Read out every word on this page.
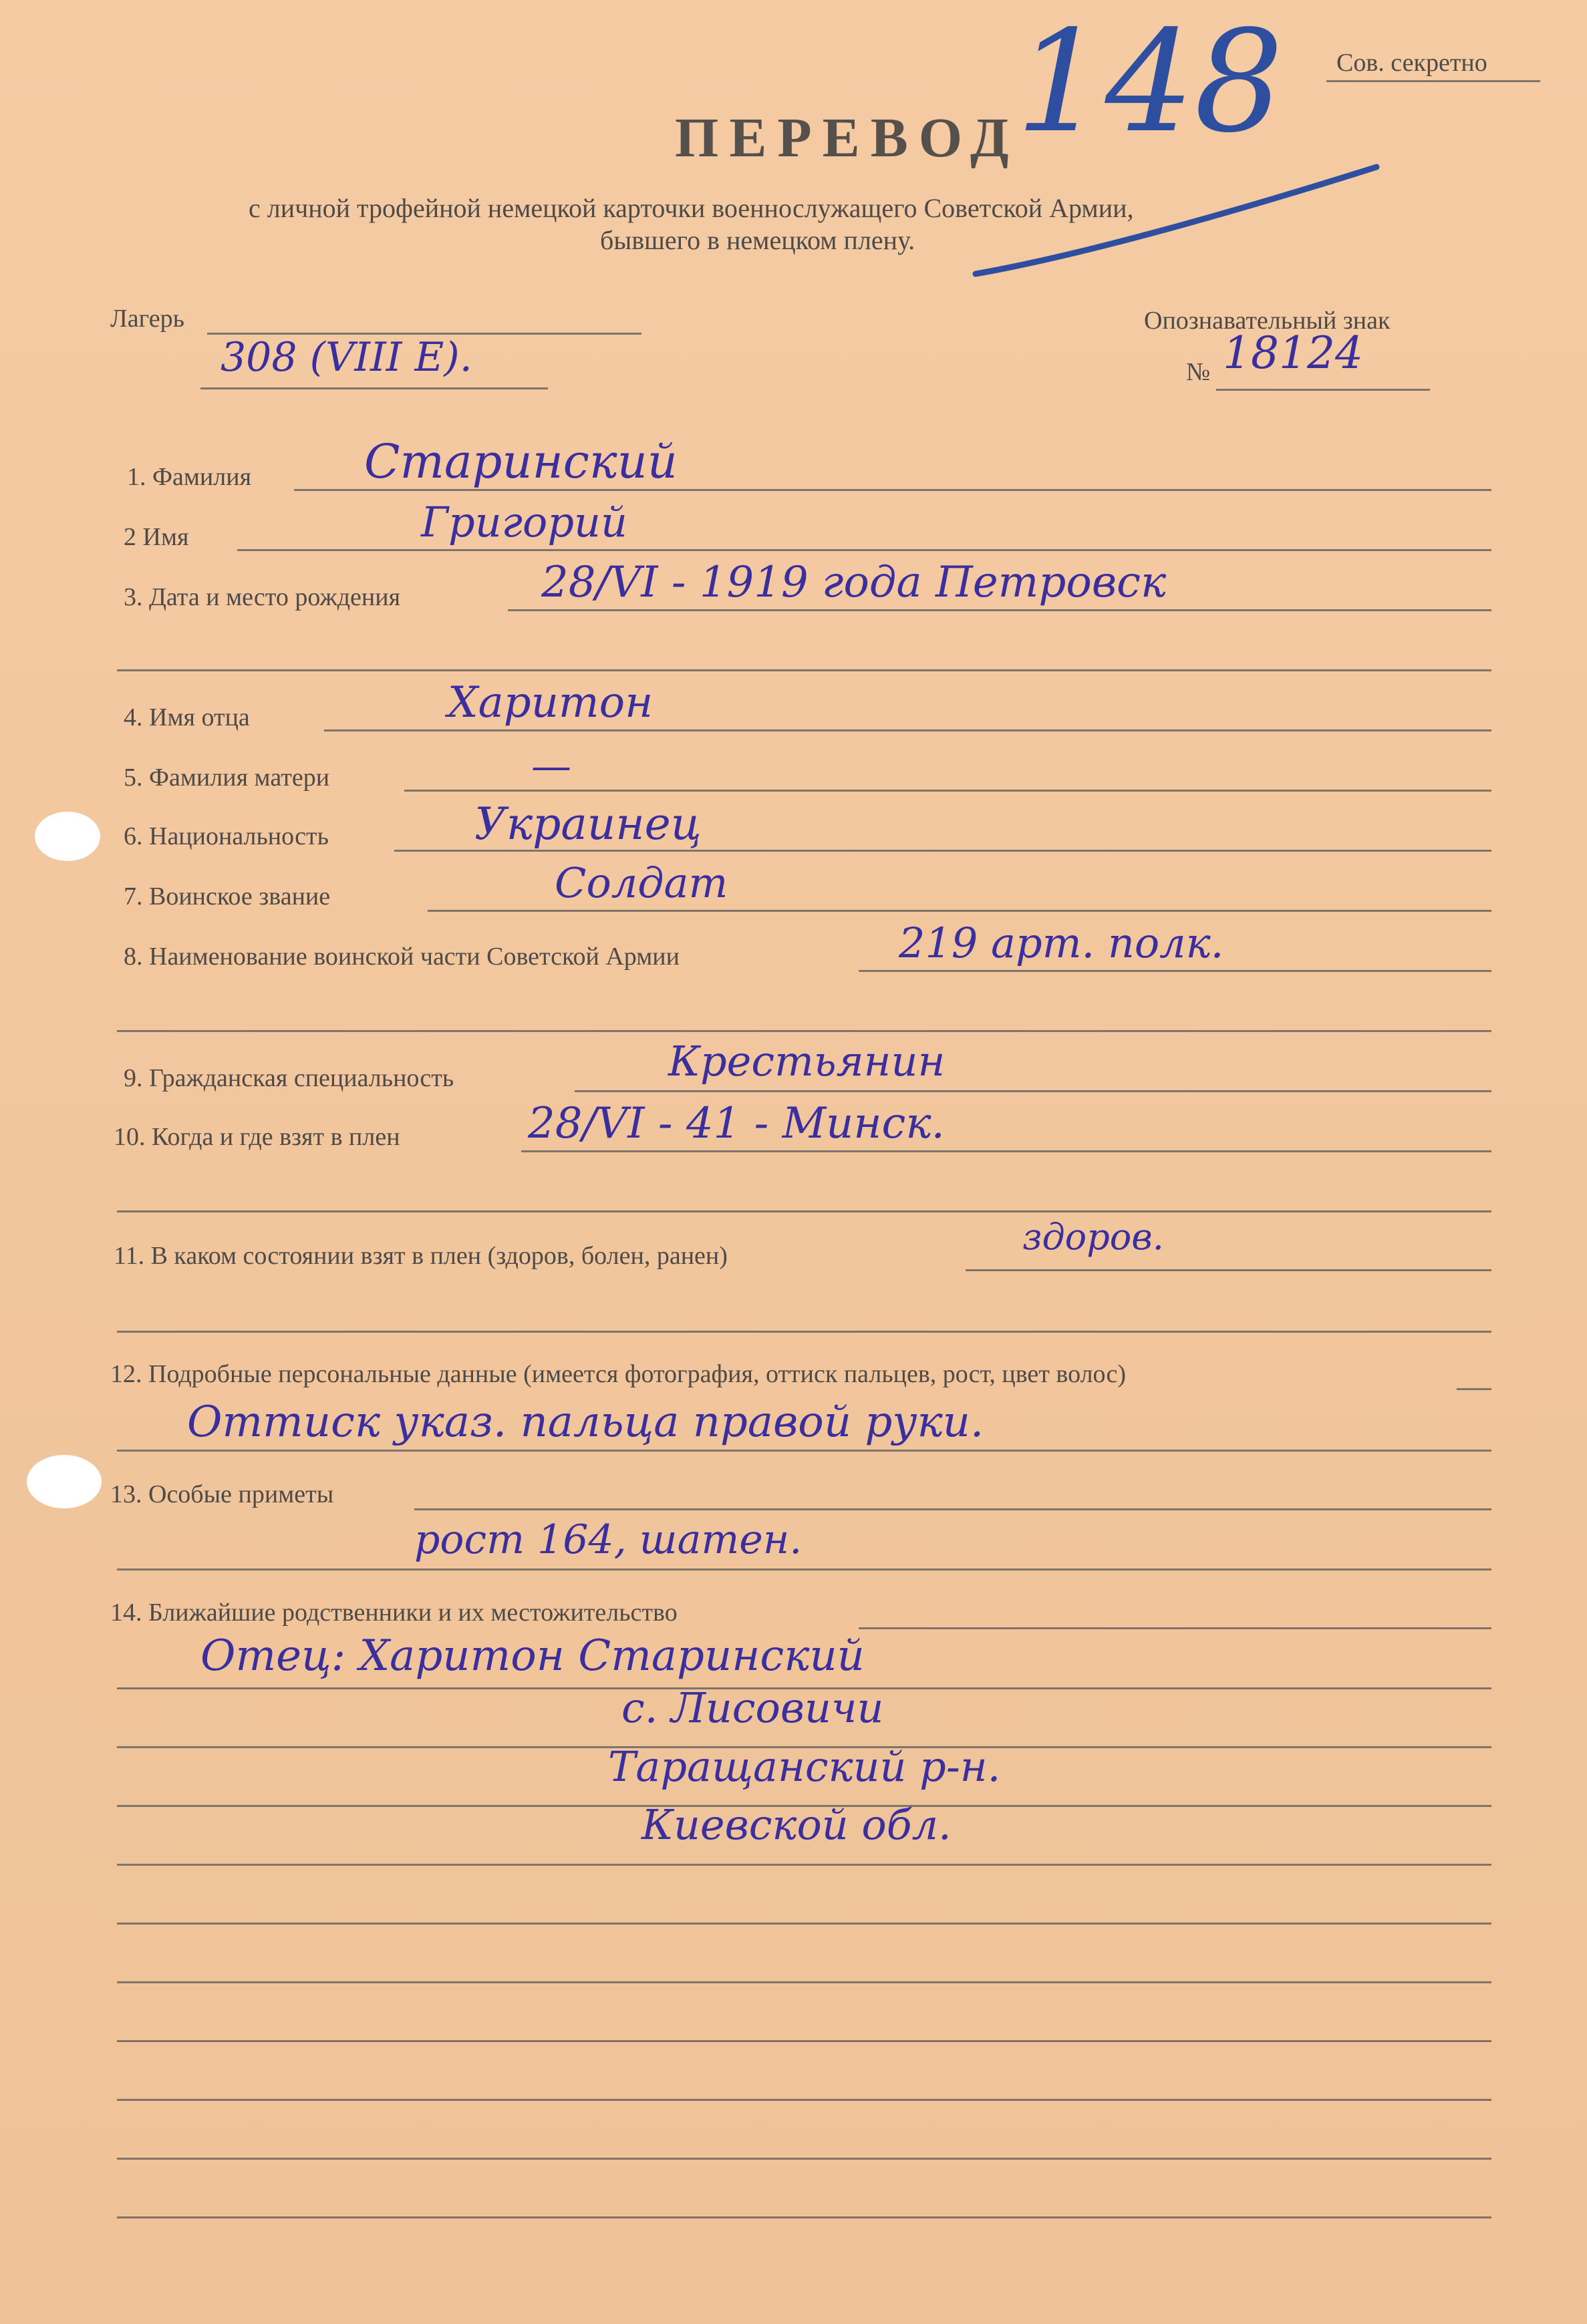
Сов. секретно
148
ПЕРЕВОД
с личной трофейной немецкой карточки военнослужащего Советской Армии,
бывшего в немецком плену.
Лагерь
308 (VIII E).
Опознавательный знак
№ 18124
1. Фамилия Старинский
2 Имя	Григорий
3. Дата и место рождения	28/VI - 1919 года Петровск
4. Имя отца	Харитон
5. Фамилия матери	—
6. Национальность	Украинец
7. Воинское звание	Солдат
8. Наименование воинской части Советской Армии	219 арт. полк.
9. Гражданская специальность	Крестьянин
10. Когда и где взят в плен	28/VI - 41 - Минск.
11. В каком состоянии взят в плен (здоров, болен, ранен)	здоров.
12. Подробные персональные данные (имеется фотография, оттиск пальцев, рост, цвет волос)
Оттиск указ. пальца правой руки.
13. Особые приметы
рост 164, шатен.
14. Ближайшие родственники и их местожительство
Отец: Харитон Старинский
с. Лисовичи
Таращанский р-н.
Киевской обл.
